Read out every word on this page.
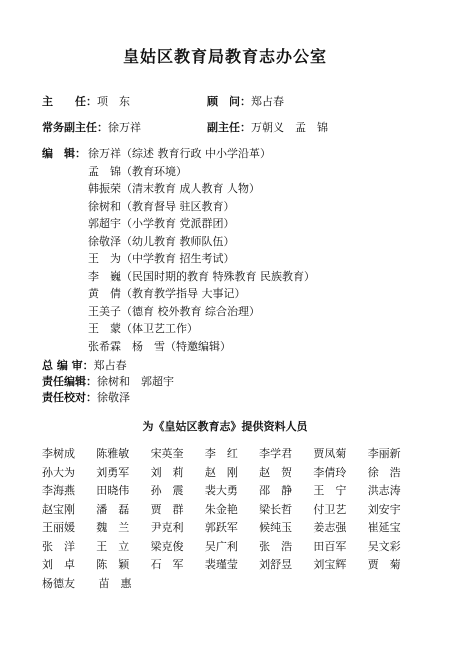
皇姑区教育局教育志办公室
主　　任：项　东	顾　问：郑占春
常务副主任：徐万祥	副主任：万朝义　孟　锦
编　辑： 徐万祥（综述 教育行政 中小学沿革）
孟　锦（教育环境）
韩振荣（清末教育 成人教育 人物）
徐树和（教育督导 驻区教育）
郭超宇（小学教育 党派群团）
徐敬泽（幼儿教育 教师队伍）
王　为（中学教育 招生考试）
李　巍（民国时期的教育 特殊教育 民族教育）
黄　倩（教育教学指导 大事记）
王美子（德育 校外教育 综合治理）
王　蒙（体卫艺工作）
张希霖　杨　雪（特邀编辑）
总 编 审：郑占春
责任编辑：徐树和　郭超宇
责任校对：徐敬泽
为《皇姑区教育志》提供资料人员
李树成	陈雅敏	宋英奎	李　红	李学君	贾凤菊	李丽新
孙大为	刘勇军	刘　莉	赵　刚	赵　贺	李倩玲	徐　浩
李海燕	田晓伟	孙　震	裴大勇	邵　静	王　宁	洪志涛
赵宝刚	潘　磊	贾　群	朱金艳	梁长哲	付卫艺	刘安宇
王丽媛	魏　兰	尹克利	郭跃军	候纯玉	姜志强	崔延宝
张　洋	王　立	梁克俊	吴广利	张　浩	田百军	吴文彩
刘　卓	陈　颖	石　军	裴瑾莹	刘舒昱	刘宝辉	贾　菊
杨德友	苗　惠
